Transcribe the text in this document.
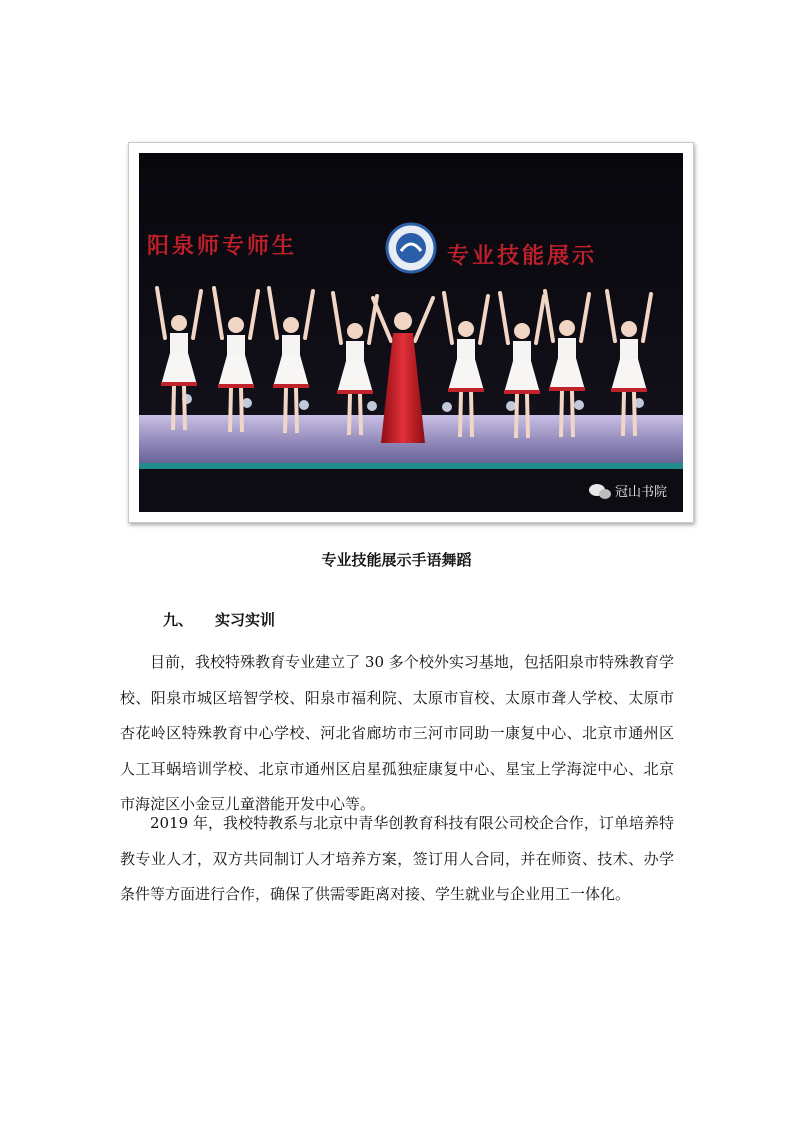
阳泉师专师生	专业技能展示
冠山书院
专业技能展示手语舞蹈
九、 实习实训

目前，我校特殊教育专业建立了 30 多个校外实习基地，包括阳泉市特殊教育学校、阳泉市城区培智学校、阳泉市福利院、太原市盲校、太原市聋人学校、太原市杏花岭区特殊教育中心学校、河北省廊坊市三河市同助一康复中心、北京市通州区人工耳蜗培训学校、北京市通州区启星孤独症康复中心、星宝上学海淀中心、北京市海淀区小金豆儿童潜能开发中心等。

2019 年，我校特教系与北京中青华创教育科技有限公司校企合作，订单培养特教专业人才，双方共同制订人才培养方案，签订用人合同，并在师资、技术、办学条件等方面进行合作，确保了供需零距离对接、学生就业与企业用工一体化。
